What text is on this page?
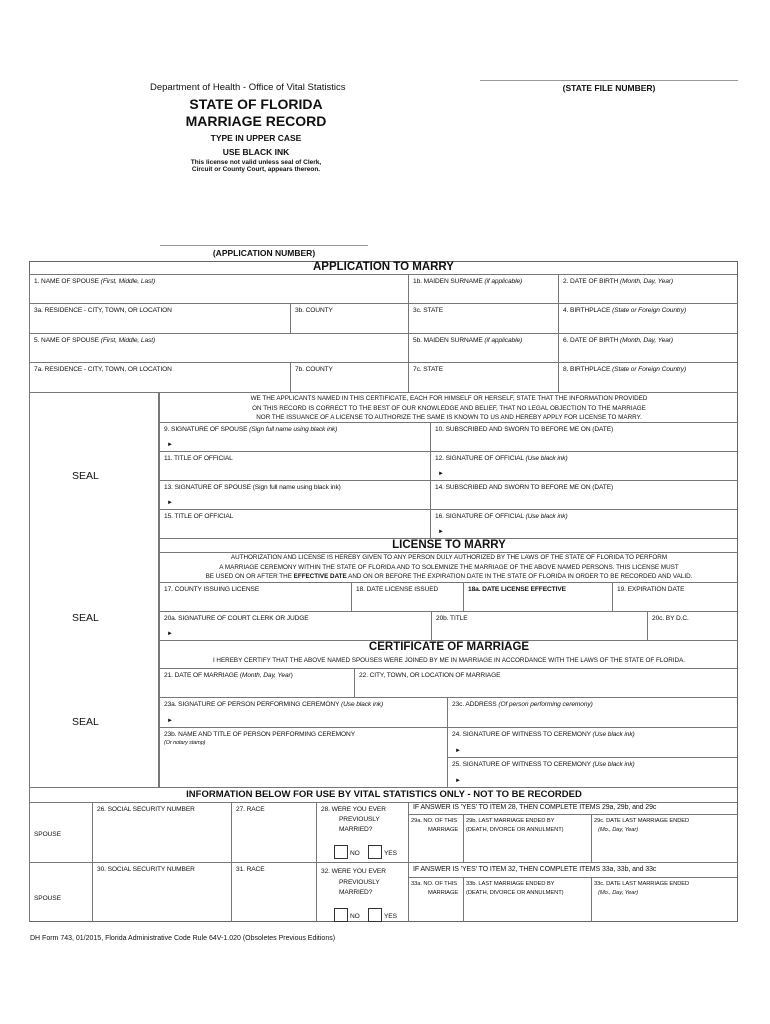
Department of Health - Office of Vital Statistics	(STATE FILE NUMBER)
STATE OF FLORIDA
MARRIAGE RECORD
TYPE IN UPPER CASE
USE BLACK INK
This license not valid unless seal of Clerk,
Circuit or County Court, appears thereon.
(APPLICATION NUMBER)
APPLICATION TO MARRY
1. NAME OF SPOUSE (First, Middle, Last)	1b. MAIDEN SURNAME (if applicable)	2. DATE OF BIRTH (Month, Day, Year)
3a. RESIDENCE - CITY, TOWN, OR LOCATION	3b. COUNTY	3c. STATE	4. BIRTHPLACE (State or Foreign Country)
5. NAME OF SPOUSE (First, Middle, Last)	5b. MAIDEN SURNAME (if applicable)	6. DATE OF BIRTH (Month, Day, Year)
7a. RESIDENCE - CITY, TOWN, OR LOCATION	7b. COUNTY	7c. STATE	8. BIRTHPLACE (State or Foreign Country)
SEAL
SEAL
SEAL
WE THE APPLICANTS NAMED IN THIS CERTIFICATE, EACH FOR HIMSELF OR HERSELF, STATE THAT THE INFORMATION PROVIDED
ON THIS RECORD IS CORRECT TO THE BEST OF OUR KNOWLEDGE AND BELIEF, THAT NO LEGAL OBJECTION TO THE MARRIAGE
NOR THE ISSUANCE OF A LICENSE TO AUTHORIZE THE SAME IS KNOWN TO US AND HEREBY APPLY FOR LICENSE TO MARRY.
9. SIGNATURE OF SPOUSE (Sign full name using black ink)
►
10. SUBSCRIBED AND SWORN TO BEFORE ME ON (DATE)
11. TITLE OF OFFICIAL	12. SIGNATURE OF OFFICIAL (Use black ink)
►
13. SIGNATURE OF SPOUSE (Sign full name using black ink)
►
14. SUBSCRIBED AND SWORN TO BEFORE ME ON (DATE)
15. TITLE OF OFFICIAL	16. SIGNATURE OF OFFICIAL (Use black ink)
►
LICENSE TO MARRY
AUTHORIZATION AND LICENSE IS HEREBY GIVEN TO ANY PERSON DULY AUTHORIZED BY THE LAWS OF THE STATE OF FLORIDA TO PERFORM
A MARRIAGE CEREMONY WITHIN THE STATE OF FLORIDA AND TO SOLEMNIZE THE MARRIAGE OF THE ABOVE NAMED PERSONS. THIS LICENSE MUST
BE USED ON OR AFTER THE EFFECTIVE DATE AND ON OR BEFORE THE EXPIRATION DATE IN THE STATE OF FLORIDA IN ORDER TO BE RECORDED AND VALID.
17. COUNTY ISSUING LICENSE	18. DATE LICENSE ISSUED	18a. DATE LICENSE EFFECTIVE	19. EXPIRATION DATE
20a. SIGNATURE OF COURT CLERK OR JUDGE
►
20b. TITLE	20c. BY D.C.
CERTIFICATE OF MARRIAGE
I HEREBY CERTIFY THAT THE ABOVE NAMED SPOUSES WERE JOINED BY ME IN MARRIAGE IN ACCORDANCE WITH THE LAWS OF THE STATE OF FLORIDA.
21. DATE OF MARRIAGE (Month, Day, Year)	22. CITY, TOWN, OR LOCATION OF MARRIAGE
23a. SIGNATURE OF PERSON PERFORMING CEREMONY (Use black ink)
►
23c. ADDRESS (Of person performing ceremony)
23b. NAME AND TITLE OF PERSON PERFORMING CEREMONY
(Or notary stamp)
24. SIGNATURE OF WITNESS TO CEREMONY (Use black ink)
►
25. SIGNATURE OF WITNESS TO CEREMONY (Use black ink)
►
INFORMATION BELOW FOR USE BY VITAL STATISTICS ONLY - NOT TO BE RECORDED
SPOUSE
26. SOCIAL SECURITY NUMBER	27. RACE	28. WERE YOU EVER
PREVIOUSLY
MARRIED?
NO	YES
IF ANSWER IS 'YES' TO ITEM 28, THEN COMPLETE ITEMS 29a, 29b, and 29c
29a. NO. OF THIS
MARRIAGE
29b. LAST MARRIAGE ENDED BY
(DEATH, DIVORCE OR ANNULMENT)
29c. DATE LAST MARRIAGE ENDED
(Mo., Day, Year)
SPOUSE
30. SOCIAL SECURITY NUMBER	31. RACE	32. WERE YOU EVER
PREVIOUSLY
MARRIED?
NO	YES
IF ANSWER IS 'YES' TO ITEM 32, THEN COMPLETE ITEMS 33a, 33b, and 33c
33a. NO. OF THIS
MARRIAGE
33b. LAST MARRIAGE ENDED BY
(DEATH, DIVORCE OR ANNULMENT)
33c. DATE LAST MARRIAGE ENDED
(Mo., Day, Year)
DH Form 743, 01/2015, Florida Administrative Code Rule 64V-1.020 (Obsoletes Previous Editions)
